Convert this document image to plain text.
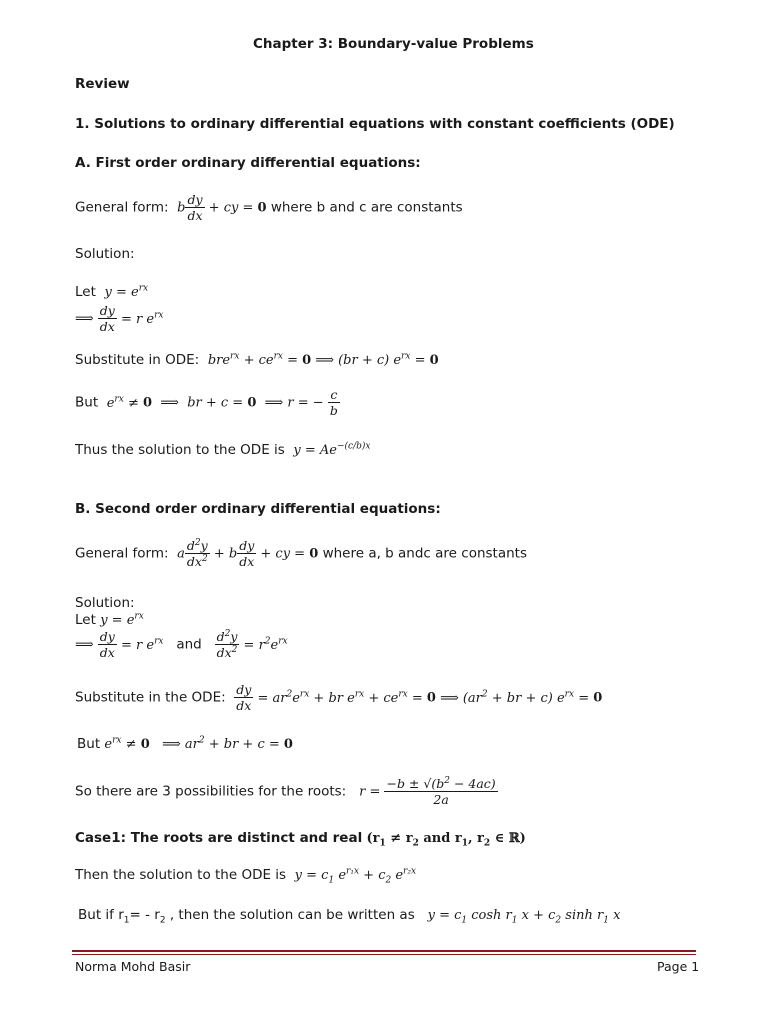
Chapter 3: Boundary-value Problems
Review
1. Solutions to ordinary differential equations with constant coefficients (ODE)
A. First order ordinary differential equations:
General form: b $\frac{dy}{dx}$ + cy = 0 where b and c are constants
Solution:
Let $y = e^{rx}$
⟹ $\frac{dy}{dx} = r$ $e^{rx}$
Substitute in ODE: $bre^{rx} + ce^{rx} = 0$ ⟹ (br + c) $e^{rx} = 0$
But $e^{rx} \ne 0$  ⟹  br + c = 0  ⟹ r = − $\frac{c}{b}$
Thus the solution to the ODE is $y = Ae^{-(c/b)x}$
B. Second order ordinary differential equations:
General form: a $\frac{d^2y}{dx^2} + b \frac{dy}{dx}$ + cy = 0 where a, b andc are constants
Solution:
Let $y = e^{rx}$
⟹ $\frac{dy}{dx} = r$ $e^{rx}$ and $\frac{d^2y}{dx^2} = r^2e^{rx}$
Substitute in the ODE: $\frac{dy}{dx} = ar^2e^{rx}$ + br $e^{rx} + ce^{rx} = 0$ ⟹ ($ar^2$ + br + c) $e^{rx} = 0$
But $e^{rx} \ne 0$   ⟹ $ar^2$ + br + c = 0
So there are 3 possibilities for the roots: $r = \frac{-b \pm √(b^2 - 4ac)}{2a}$
Case1: The roots are distinct and real ($r_1 \ne r_2$ and $r_1$, $r_2$ ∈ ℝ)
Then the solution to the ODE is $y = c_1$ $e^{r_1x} + c_2$ $e^{r_2x}$
But if $r_1= - r_2$ , then the solution can be written as $y = c_1$ $\cosh r_1$ $x + c_2$ $\sinh r_1$ x
Norma Mohd Basir	Page 1
